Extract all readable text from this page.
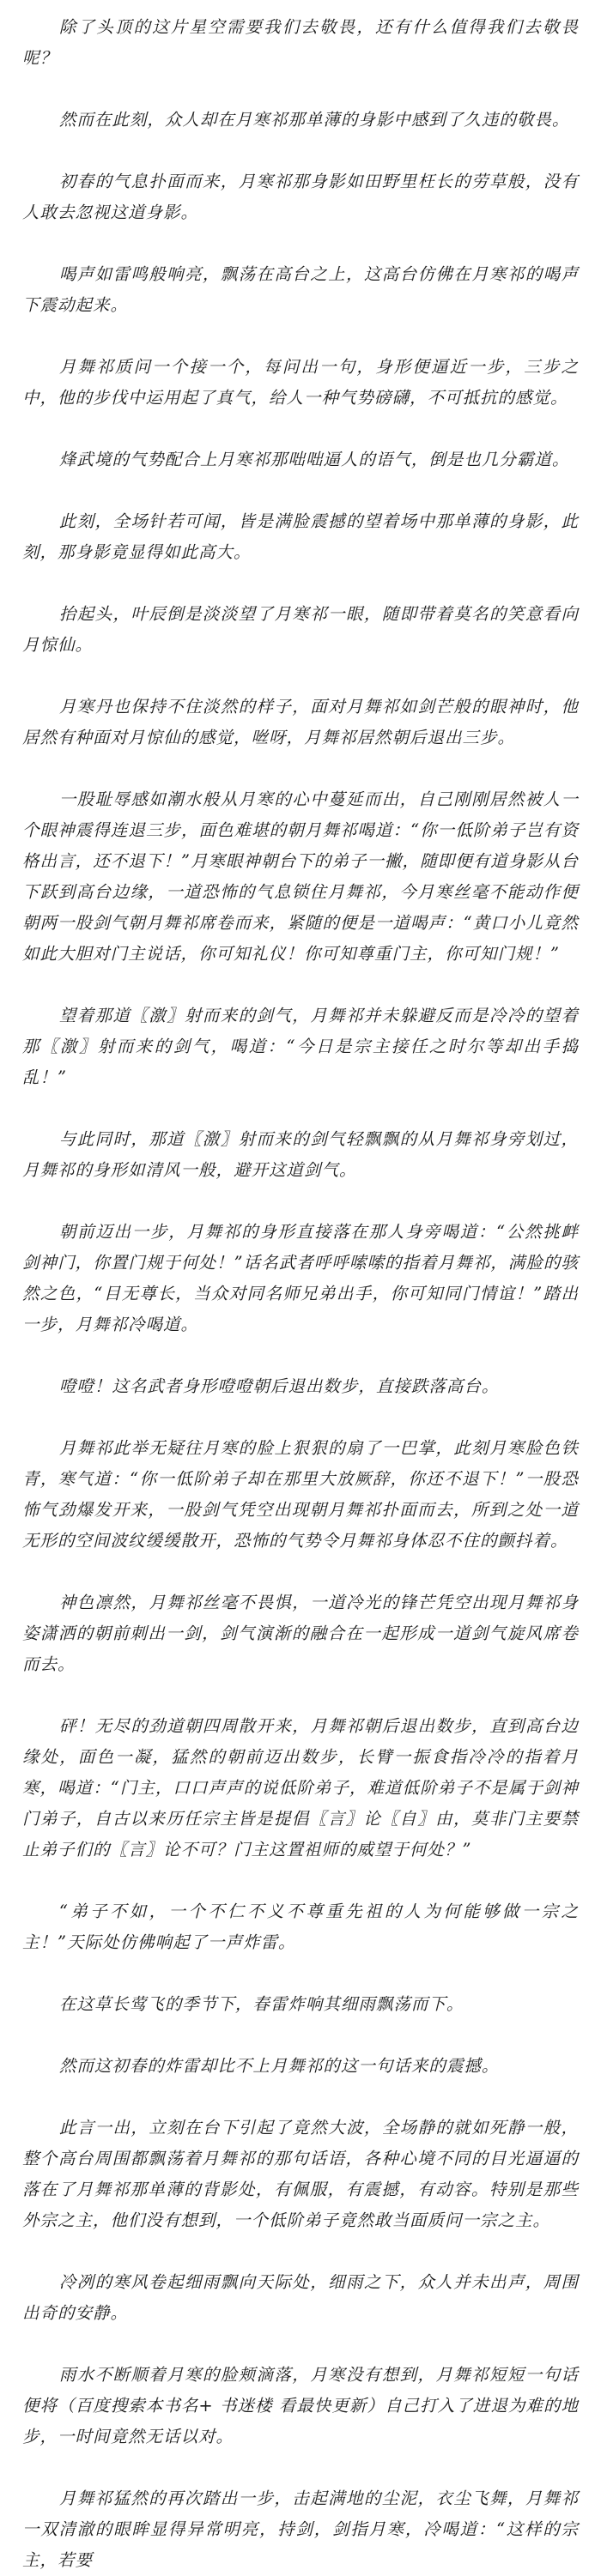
除了头顶的这片星空需要我们去敬畏，还有什么值得我们去敬畏呢？

然而在此刻，众人却在月寒祁那单薄的身影中感到了久违的敬畏。

初春的气息扑面而来，月寒祁那身影如田野里枉长的劳草般，没有人敢去忽视这道身影。

喝声如雷鸣般响亮，飘荡在高台之上，这高台仿佛在月寒祁的喝声下震动起来。

月舞祁质问一个接一个，每问出一句，身形便逼近一步，三步之中，他的步伐中运用起了真气，给人一种气势磅礴，不可抵抗的感觉。

烽武境的气势配合上月寒祁那咄咄逼人的语气，倒是也几分霸道。

此刻，全场针若可闻，皆是满脸震撼的望着场中那单薄的身影，此刻，那身影竟显得如此高大。

抬起头，叶辰倒是淡淡望了月寒祁一眼，随即带着莫名的笑意看向月惊仙。

月寒丹也保持不住淡然的样子，面对月舞祁如剑芒般的眼神时，他居然有种面对月惊仙的感觉，咝呀，月舞祁居然朝后退出三步。

一股耻辱感如潮水般从月寒的心中蔓延而出，自己刚刚居然被人一个眼神震得连退三步，面色难堪的朝月舞祁喝道：“你一低阶弟子岂有资格出言，还不退下！”月寒眼神朝台下的弟子一撇，随即便有道身影从台下跃到高台边缘，一道恐怖的气息锁住月舞祁，今月寒丝毫不能动作便朝两一股剑气朝月舞祁席卷而来，紧随的便是一道喝声：“黄口小儿竟然如此大胆对门主说话，你可知礼仪！你可知尊重门主，你可知门规！”

望着那道〖激〗射而来的剑气，月舞祁并未躲避反而是冷冷的望着那〖激〗射而来的剑气，喝道：“今日是宗主接任之时尔等却出手捣乱！”

与此同时，那道〖激〗射而来的剑气轻飘飘的从月舞祁身旁划过，月舞祁的身形如清风一般，避开这道剑气。

朝前迈出一步，月舞祁的身形直接落在那人身旁喝道：“公然挑衅剑神门，你置门规于何处！”话名武者呼呼嗦嗦的指着月舞祁，满脸的骇然之色，“目无尊长，当众对同名师兄弟出手，你可知同门情谊！”踏出一步，月舞祁冷喝道。

噔噔！这名武者身形噔噔朝后退出数步，直接跌落高台。

月舞祁此举无疑往月寒的脸上狠狠的扇了一巴掌，此刻月寒脸色铁青，寒气道：“你一低阶弟子却在那里大放厥辞，你还不退下！”一股恐怖气劲爆发开来，一股剑气凭空出现朝月舞祁扑面而去，所到之处一道无形的空间波纹缓缓散开，恐怖的气势令月舞祁身体忍不住的颤抖着。

神色凛然，月舞祁丝毫不畏惧，一道冷光的锋芒凭空出现月舞祁身姿潇洒的朝前刺出一剑，剑气演渐的融合在一起形成一道剑气旋风席卷而去。

砰！无尽的劲道朝四周散开来，月舞祁朝后退出数步，直到高台边缘处，面色一凝，猛然的朝前迈出数步，长臂一振食指冷冷的指着月寒，喝道：“门主，口口声声的说低阶弟子，难道低阶弟子不是属于剑神门弟子，自古以来历任宗主皆是提倡〖言〗论〖自〗由，莫非门主要禁止弟子们的〖言〗论不可？门主这置祖师的威望于何处？”

“弟子不如，一个不仁不义不尊重先祖的人为何能够做一宗之主！”天际处仿佛响起了一声炸雷。

在这草长莺飞的季节下，春雷炸响其细雨飘荡而下。

然而这初春的炸雷却比不上月舞祁的这一句话来的震撼。

此言一出，立刻在台下引起了竟然大波，全场静的就如死静一般，整个高台周围都飘荡着月舞祁的那句话语，各种心境不同的目光逼逼的落在了月舞祁那单薄的背影处，有佩服，有震撼，有动容。特别是那些外宗之主，他们没有想到，一个低阶弟子竟然敢当面质问一宗之主。

冷冽的寒风卷起细雨飘向天际处，细雨之下，众人并未出声，周围出奇的安静。

雨水不断顺着月寒的脸颊滴落，月寒没有想到，月舞祁短短一句话便将（百度搜索本书名+ 书迷楼 看最快更新）自己打入了进退为难的地步，一时间竟然无话以对。

月舞祁猛然的再次踏出一步，击起满地的尘泥，衣尘飞舞，月舞祁一双清澈的眼眸显得异常明亮，持剑，剑指月寒，冷喝道：“这样的宗主，若要
